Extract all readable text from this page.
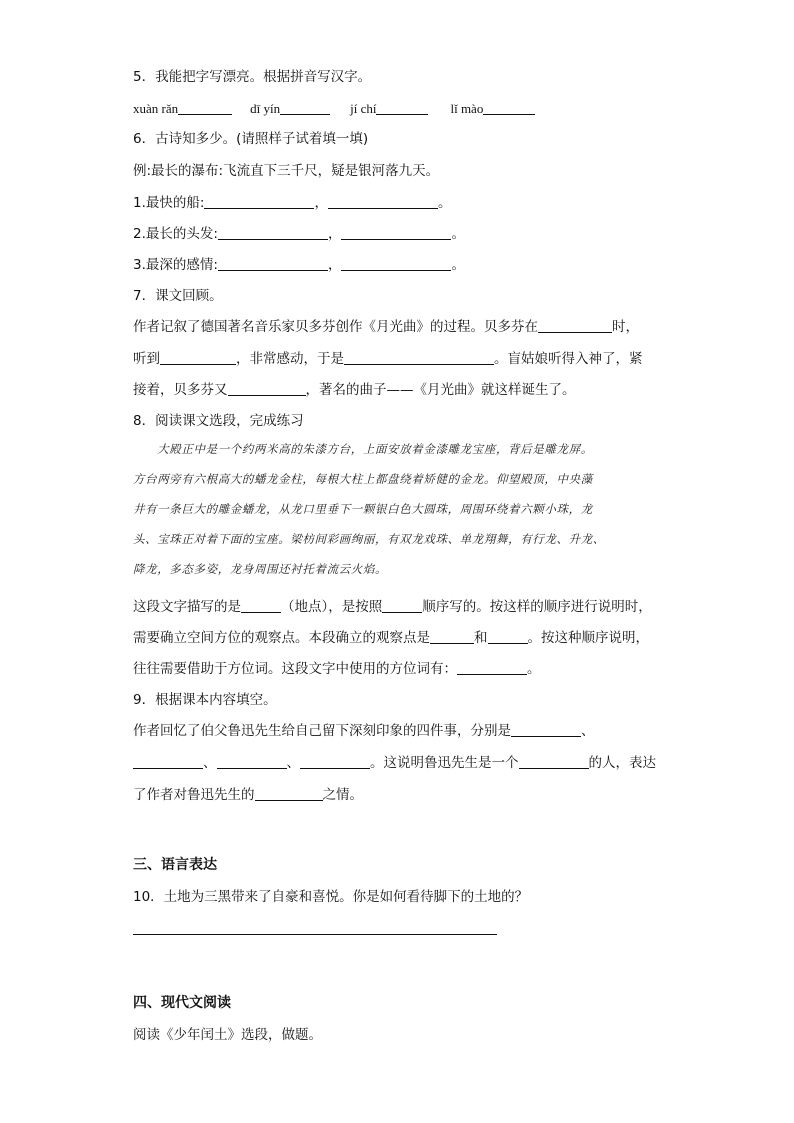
5．我能把字写漂亮。根据拼音写汉字。
xuàn rǎn	dī yín	jí chí	lǐ mào
6．古诗知多少。(请照样子试着填一填)
例:最长的瀑布:飞流直下三千尺，疑是银河落九天。
1.最快的船:	，	。
2.最长的头发:	，	。
3.最深的感情:	，	。
7．课文回顾。
作者记叙了德国著名音乐家贝多芬创作《月光曲》的过程。贝多芬在	时，
听到	，非常感动，于是	。盲姑娘听得入神了，紧
接着，贝多芬又	，著名的曲子——《月光曲》就这样诞生了。
8．阅读课文选段，完成练习
　　大殿正中是一个约两米高的朱漆方台，上面安放着金漆雕龙宝座，背后是雕龙屏。
方台两旁有六根高大的蟠龙金柱，每根大柱上都盘绕着矫健的金龙。仰望殿顶，中央藻
井有一条巨大的雕金蟠龙，从龙口里垂下一颗银白色大圆珠，周围环绕着六颗小珠，龙
头、宝珠正对着下面的宝座。梁枋间彩画绚丽，有双龙戏珠、单龙翔舞，有行龙、升龙、
降龙，多态多姿，龙身周围还衬托着流云火焰。
这段文字描写的是	（地点），是按照	顺序写的。按这样的顺序进行说明时，
需要确立空间方位的观察点。本段确立的观察点是	和	。按这种顺序说明，
往往需要借助于方位词。这段文字中使用的方位词有：	。
9．根据课本内容填空。
作者回忆了伯父鲁迅先生给自己留下深刻印象的四件事，分别是	、
、	、	。这说明鲁迅先生是一个	的人，表达
了作者对鲁迅先生的	之情。
三、语言表达
10．土地为三黑带来了自豪和喜悦。你是如何看待脚下的土地的？
四、现代文阅读
阅读《少年闰土》选段，做题。
